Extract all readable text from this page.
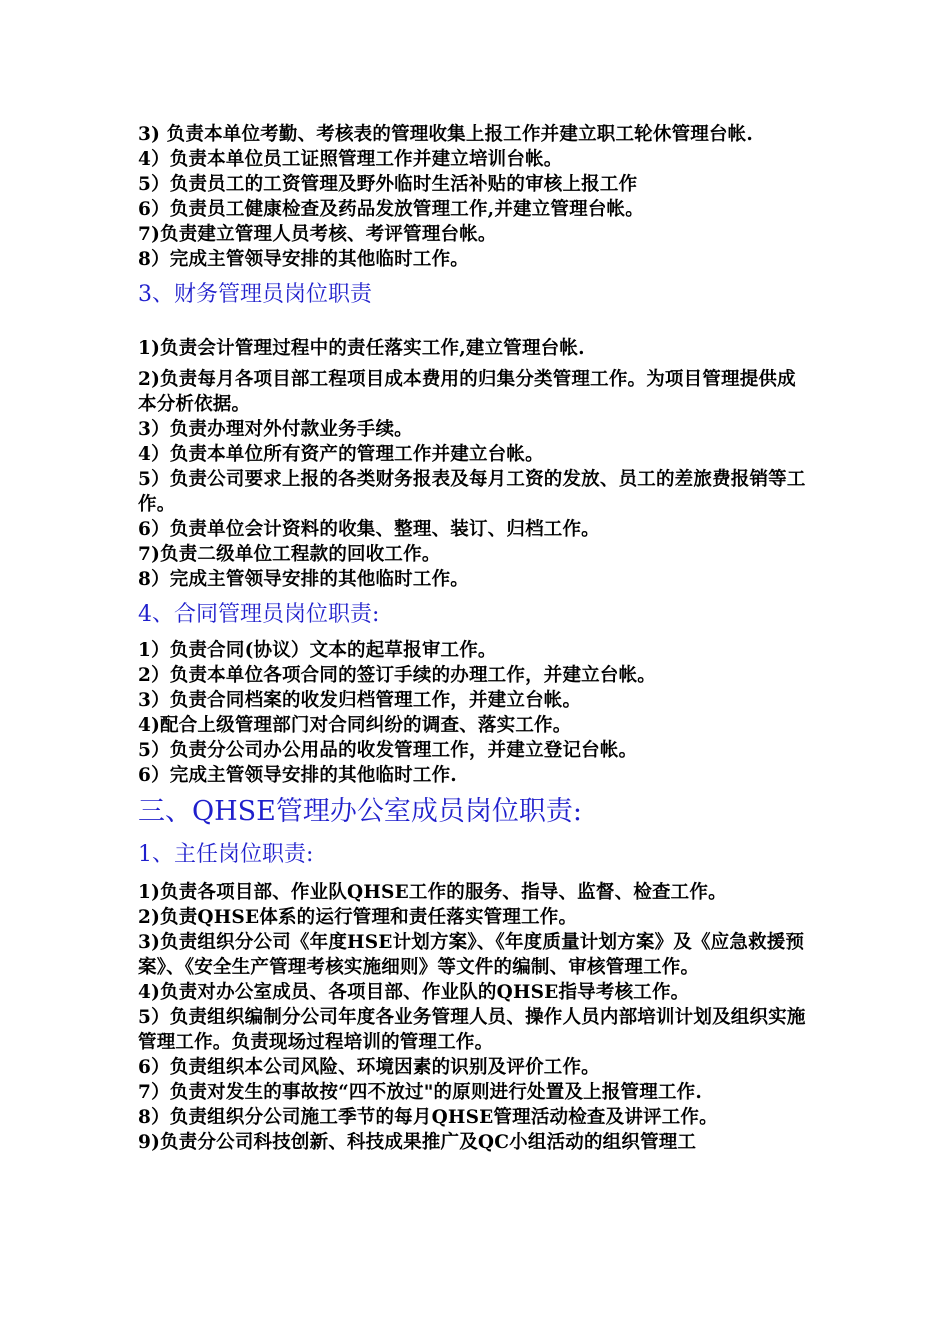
3) 负责本单位考勤、考核表的管理收集上报工作并建立职工轮休管理台帐.

4）负责本单位员工证照管理工作并建立培训台帐。

5）负责员工的工资管理及野外临时生活补贴的审核上报工作

6）负责员工健康检查及药品发放管理工作,并建立管理台帐。

7)负责建立管理人员考核、考评管理台帐。

8）完成主管领导安排的其他临时工作。

3、财务管理员岗位职责

1)负责会计管理过程中的责任落实工作,建立管理台帐.

2)负责每月各项目部工程项目成本费用的归集分类管理工作。为项目管理提供成本分析依据。

3）负责办理对外付款业务手续。

4）负责本单位所有资产的管理工作并建立台帐。

5）负责公司要求上报的各类财务报表及每月工资的发放、员工的差旅费报销等工作。

6）负责单位会计资料的收集、整理、装订、归档工作。

7)负责二级单位工程款的回收工作。

8）完成主管领导安排的其他临时工作。

4、合同管理员岗位职责:

1）负责合同(协议）文本的起草报审工作。

2）负责本单位各项合同的签订手续的办理工作，并建立台帐。

3）负责合同档案的收发归档管理工作，并建立台帐。

4)配合上级管理部门对合同纠纷的调查、落实工作。

5）负责分公司办公用品的收发管理工作，并建立登记台帐。

6）完成主管领导安排的其他临时工作.

三、QHSE管理办公室成员岗位职责:

1、主任岗位职责:

1)负责各项目部、作业队QHSE工作的服务、指导、监督、检查工作。

2)负责QHSE体系的运行管理和责任落实管理工作。

3)负责组织分公司《年度HSE计划方案》、《年度质量计划方案》及《应急救援预案》、《安全生产管理考核实施细则》等文件的编制、审核管理工作。

4)负责对办公室成员、各项目部、作业队的QHSE指导考核工作。

5）负责组织编制分公司年度各业务管理人员、操作人员内部培训计划及组织实施管理工作。负责现场过程培训的管理工作。

6）负责组织本公司风险、环境因素的识别及评价工作。

7）负责对发生的事故按“四不放过"的原则进行处置及上报管理工作.

8）负责组织分公司施工季节的每月QHSE管理活动检查及讲评工作。

9)负责分公司科技创新、科技成果推广及QC小组活动的组织管理工
